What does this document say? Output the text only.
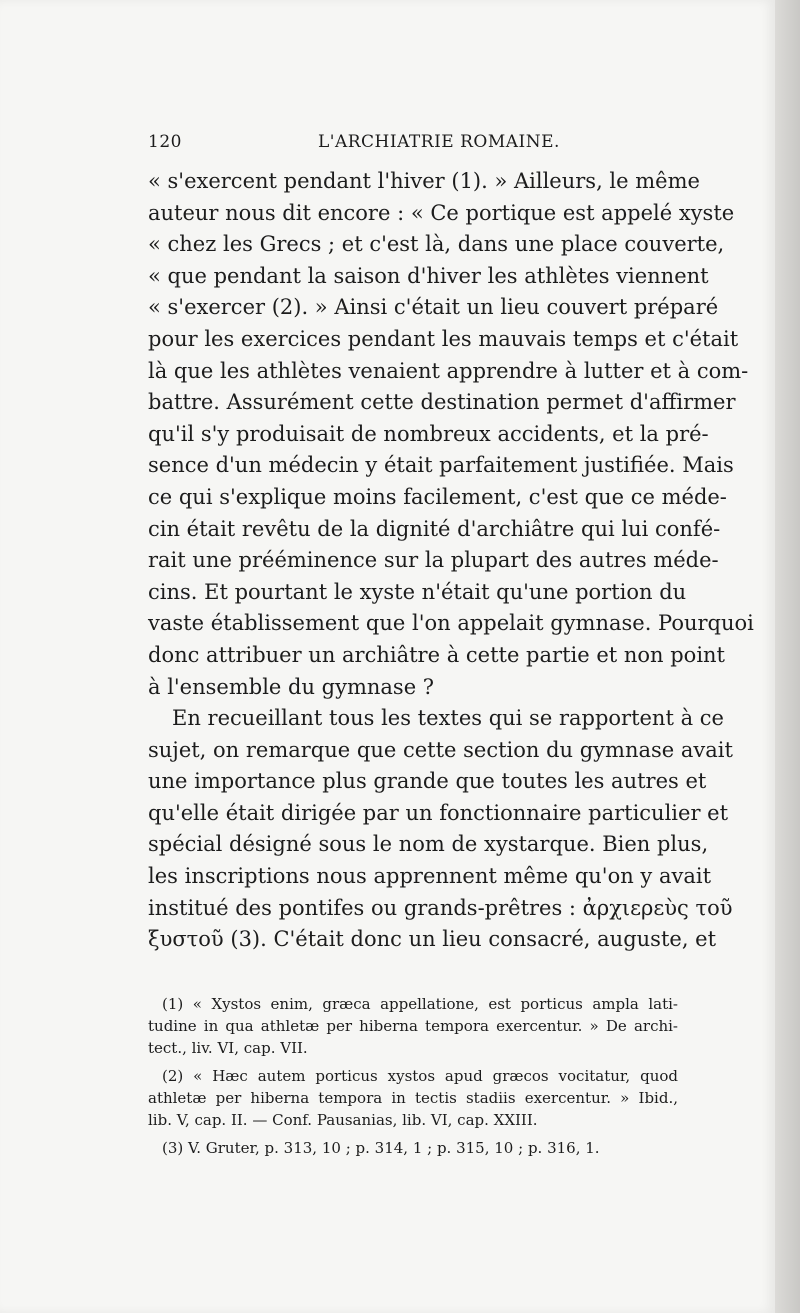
120	L'ARCHIATRIE ROMAINE.
« s'exercent pendant l'hiver (1). » Ailleurs, le même
auteur nous dit encore : « Ce portique est appelé xyste
« chez les Grecs ; et c'est là, dans une place couverte,
« que pendant la saison d'hiver les athlètes viennent
« s'exercer (2). » Ainsi c'était un lieu couvert préparé
pour les exercices pendant les mauvais temps et c'était
là que les athlètes venaient apprendre à lutter et à com-
battre. Assurément cette destination permet d'affirmer
qu'il s'y produisait de nombreux accidents, et la pré-
sence d'un médecin y était parfaitement justifiée. Mais
ce qui s'explique moins facilement, c'est que ce méde-
cin était revêtu de la dignité d'archiâtre qui lui confé-
rait une prééminence sur la plupart des autres méde-
cins. Et pourtant le xyste n'était qu'une portion du
vaste établissement que l'on appelait gymnase. Pourquoi
donc attribuer un archiâtre à cette partie et non point
à l'ensemble du gymnase ?
En recueillant tous les textes qui se rapportent à ce
sujet, on remarque que cette section du gymnase avait
une importance plus grande que toutes les autres et
qu'elle était dirigée par un fonctionnaire particulier et
spécial désigné sous le nom de xystarque. Bien plus,
les inscriptions nous apprennent même qu'on y avait
institué des pontifes ou grands-prêtres : ἀρχιερεὺς τοῦ
ξυστοῦ (3). C'était donc un lieu consacré, auguste, et
(1) « Xystos enim, græca appellatione, est porticus ampla lati-
tudine in qua athletæ per hiberna tempora exercentur. » De archi-
tect., liv. VI, cap. VII.
(2) « Hæc autem porticus xystos apud græcos vocitatur, quod
athletæ per hiberna tempora in tectis stadiis exercentur. » Ibid.,
lib. V, cap. II. — Conf. Pausanias, lib. VI, cap. XXIII.
(3) V. Gruter, p. 313, 10 ; p. 314, 1 ; p. 315, 10 ; p. 316, 1.
